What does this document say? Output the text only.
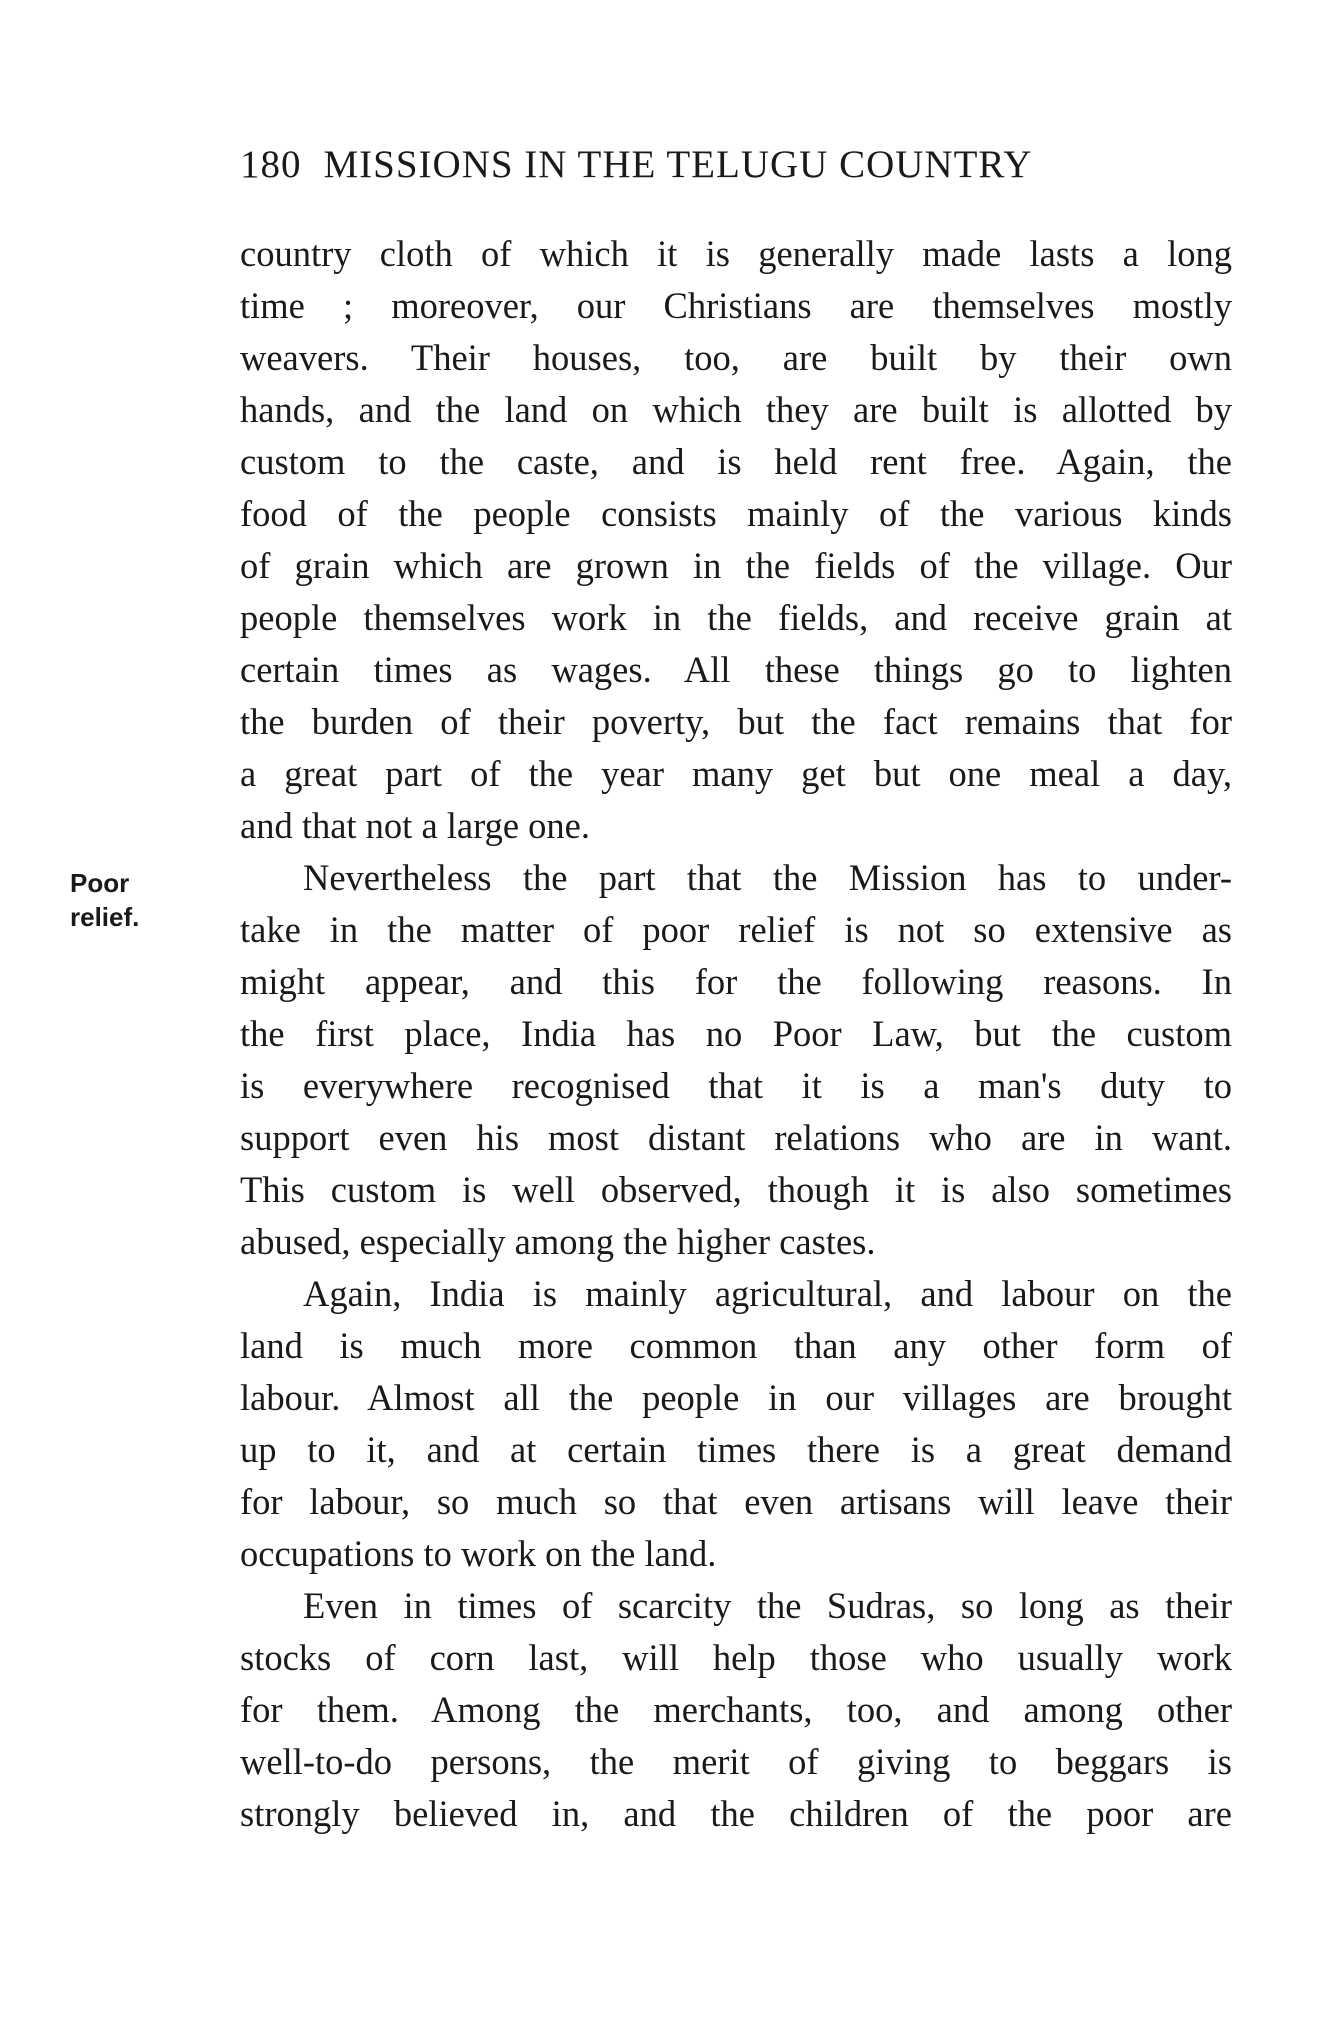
180 MISSIONS IN THE TELUGU COUNTRY
Poor
relief.
country cloth of which it is generally made lasts a long
time ; moreover, our Christians are themselves mostly
weavers. Their houses, too, are built by their own
hands, and the land on which they are built is allotted by
custom to the caste, and is held rent free. Again, the
food of the people consists mainly of the various kinds
of grain which are grown in the fields of the village. Our
people themselves work in the fields, and receive grain at
certain times as wages. All these things go to lighten
the burden of their poverty, but the fact remains that for
a great part of the year many get but one meal a day,
and that not a large one.
Nevertheless the part that the Mission has to under-
take in the matter of poor relief is not so extensive as
might appear, and this for the following reasons. In
the first place, India has no Poor Law, but the custom
is everywhere recognised that it is a man's duty to
support even his most distant relations who are in want.
This custom is well observed, though it is also sometimes
abused, especially among the higher castes.
Again, India is mainly agricultural, and labour on the
land is much more common than any other form of
labour. Almost all the people in our villages are brought
up to it, and at certain times there is a great demand
for labour, so much so that even artisans will leave their
occupations to work on the land.
Even in times of scarcity the Sudras, so long as their
stocks of corn last, will help those who usually work
for them. Among the merchants, too, and among other
well-to-do persons, the merit of giving to beggars is
strongly believed in, and the children of the poor are
